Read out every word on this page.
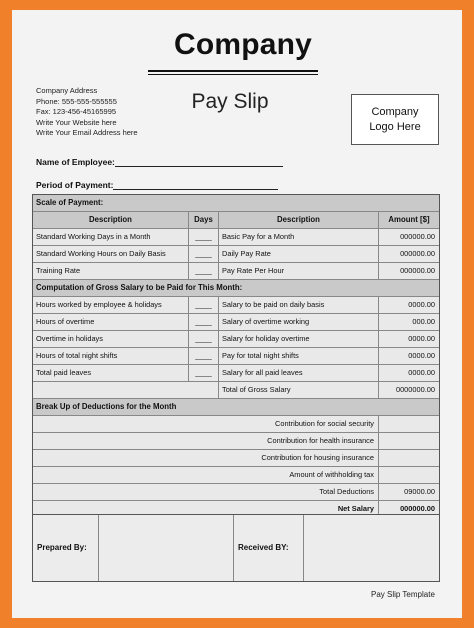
Company
Pay Slip
Company Address
Phone: 555-555-555555
Fax: 123-456-45165995
Write Your Website here
Write Your Email Address here
Company
Logo Here
Name of Employee:
Period of Payment:
Scale of Payment:
Description	Days	Description	Amount [$]
Standard Working Days in a Month	____	Basic Pay for a Month	000000.00
Standard Working Hours on Daily Basis	____	Daily Pay Rate	000000.00
Training Rate	____	Pay Rate Per Hour	000000.00
Computation of Gross Salary to be Paid for This Month:
Hours worked by employee & holidays	____	Salary to be paid on daily basis	0000.00
Hours of overtime	____	Salary of overtime working	000.00
Overtime in holidays	____	Salary for holiday overtime	0000.00
Hours of total night shifts	____	Pay for total night shifts	0000.00
Total paid leaves	____	Salary for all paid leaves	0000.00
Total of Gross Salary	0000000.00
Break Up of Deductions for the Month
Contribution for social security
Contribution for health insurance
Contribution for housing insurance
Amount of withholding tax
Total Deductions	09000.00
Net Salary	000000.00
Prepared By:	Received BY:
Pay Slip Template
